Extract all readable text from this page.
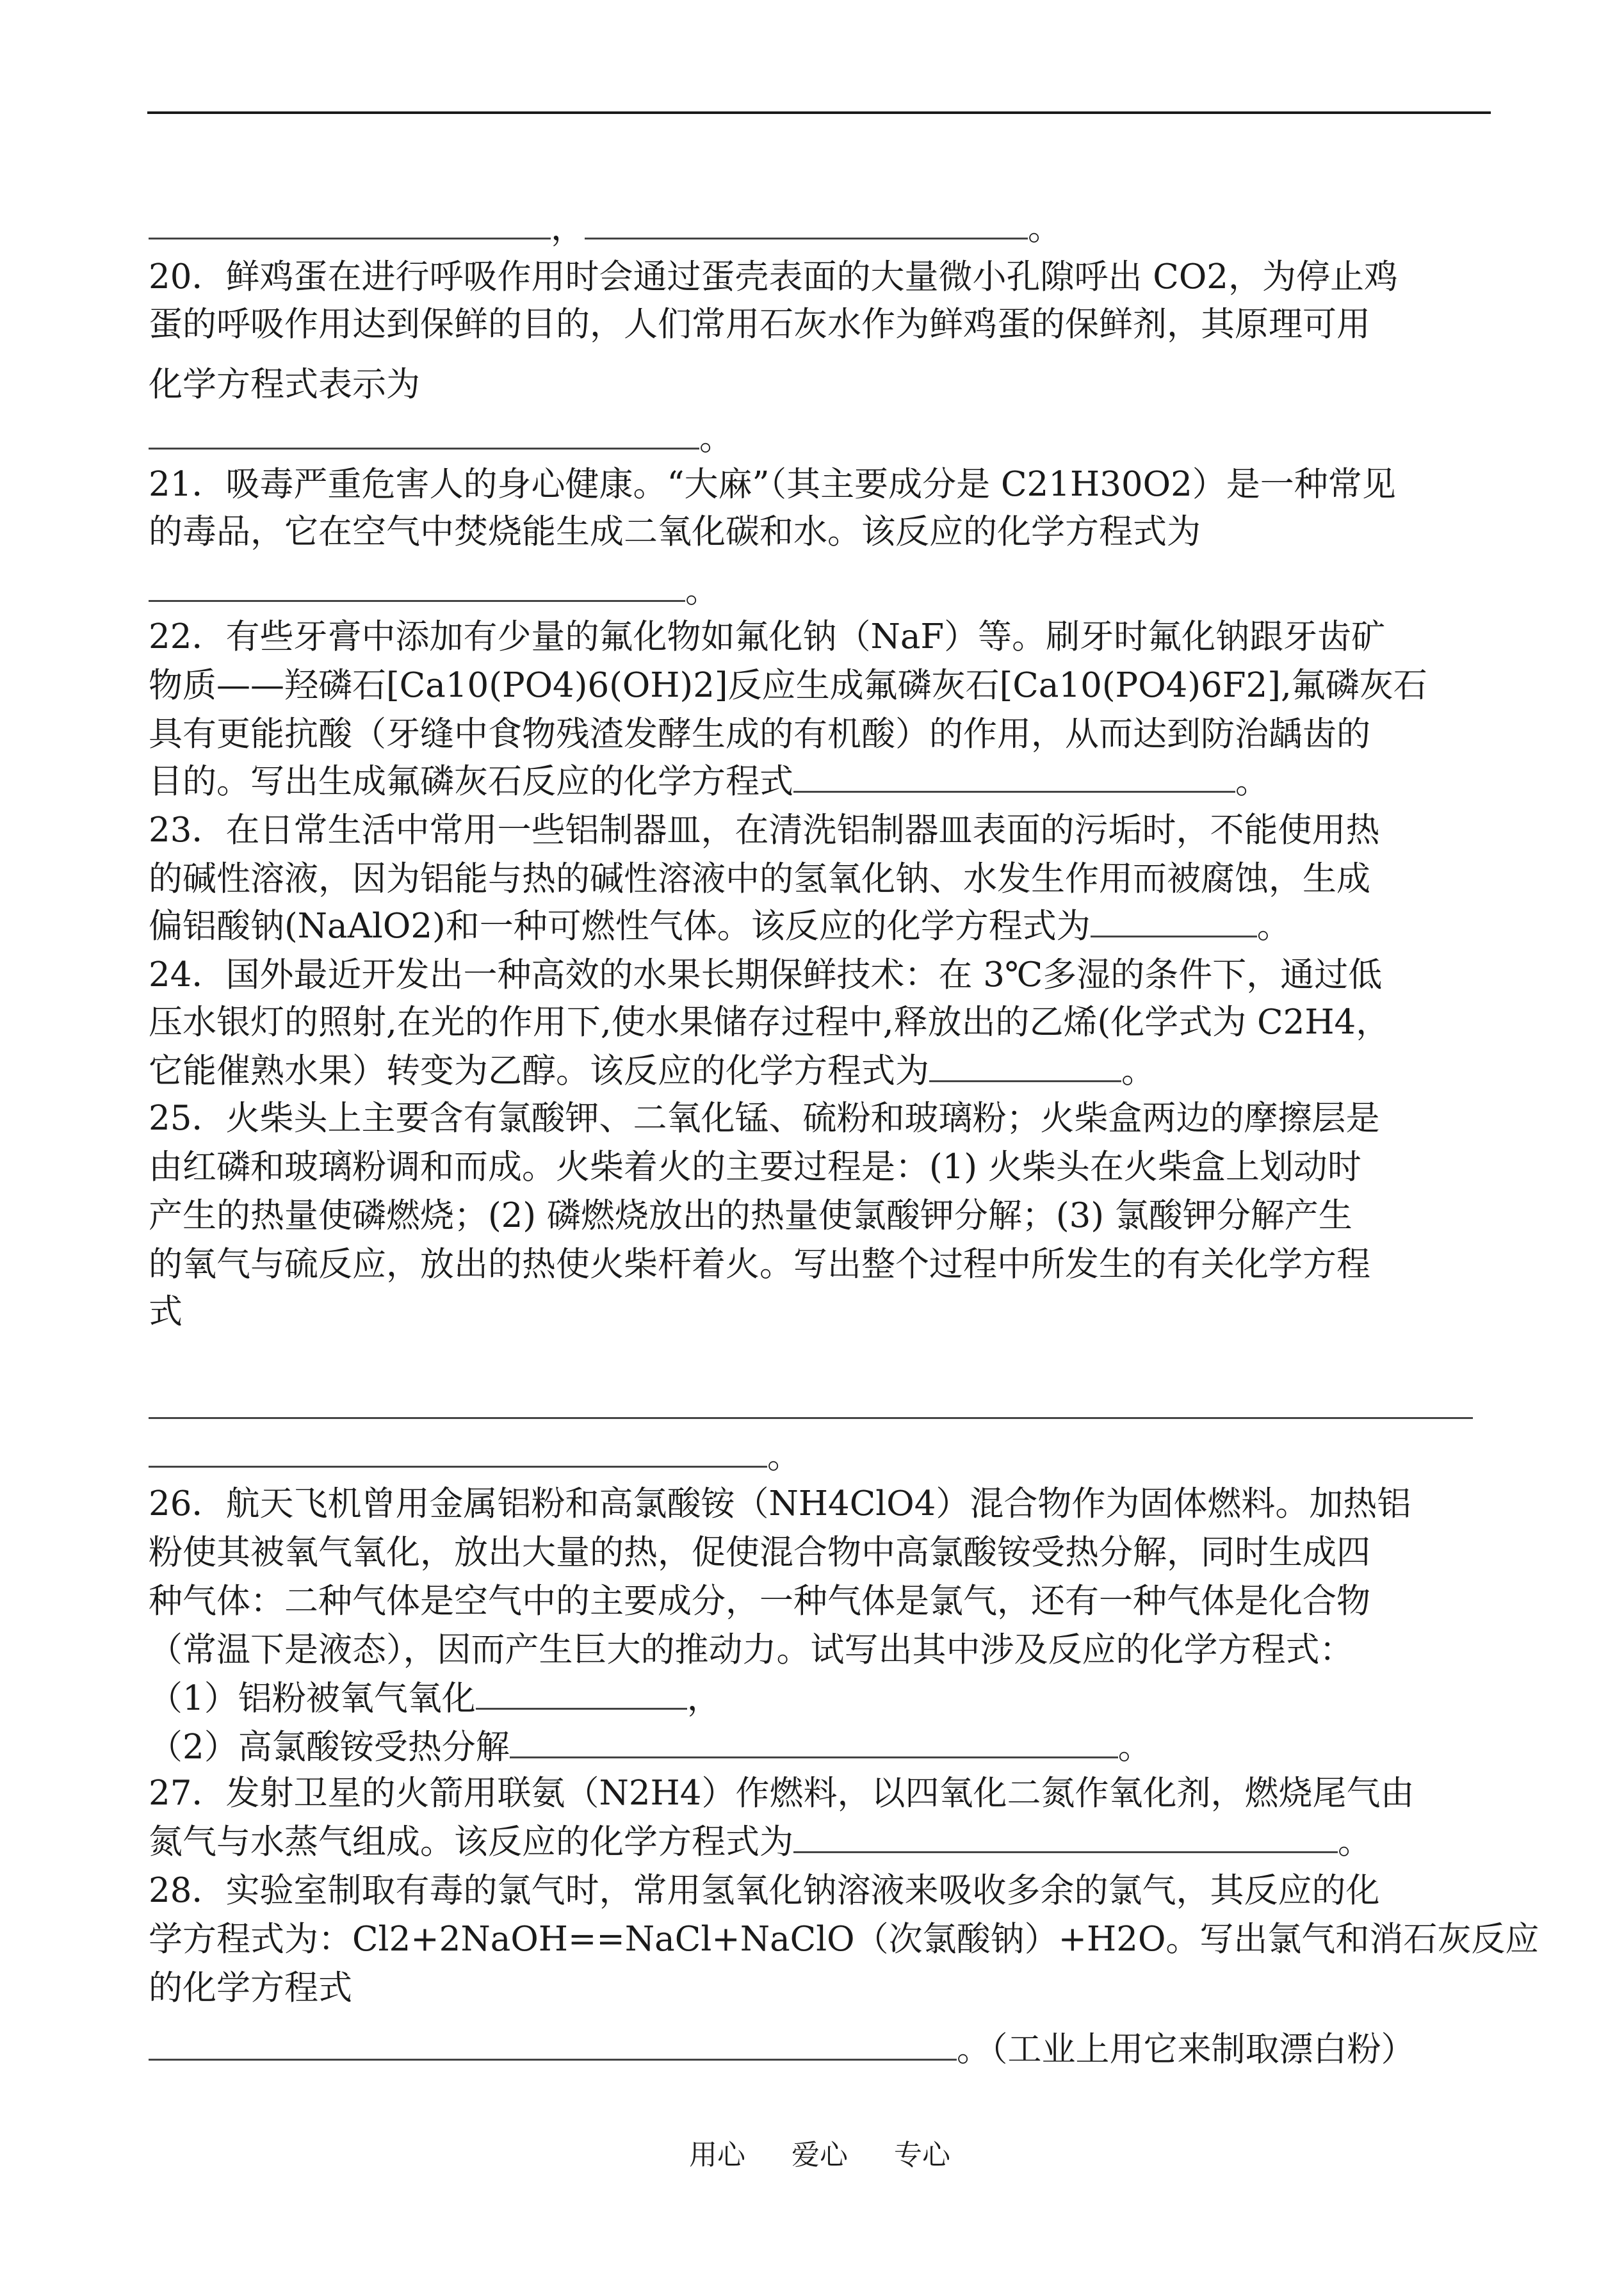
，	。
20．鲜鸡蛋在进行呼吸作用时会通过蛋壳表面的大量微小孔隙呼出 CO2，为停止鸡
蛋的呼吸作用达到保鲜的目的，人们常用石灰水作为鲜鸡蛋的保鲜剂，其原理可用
化学方程式表示为
。
21．吸毒严重危害人的身心健康。“大麻”（其主要成分是 C21H30O2）是一种常见
的毒品，它在空气中焚烧能生成二氧化碳和水。该反应的化学方程式为
。
22．有些牙膏中添加有少量的氟化物如氟化钠（NaF）等。刷牙时氟化钠跟牙齿矿
物质——羟磷石[Ca10(PO4)6(OH)2]反应生成氟磷灰石[Ca10(PO4)6F2],氟磷灰石
具有更能抗酸（牙缝中食物残渣发酵生成的有机酸）的作用，从而达到防治龋齿的
目的。写出生成氟磷灰石反应的化学方程式	。
23．在日常生活中常用一些铝制器皿，在清洗铝制器皿表面的污垢时，不能使用热
的碱性溶液，因为铝能与热的碱性溶液中的氢氧化钠、水发生作用而被腐蚀，生成
偏铝酸钠(NaAlO2)和一种可燃性气体。该反应的化学方程式为	。
24．国外最近开发出一种高效的水果长期保鲜技术：在 3℃多湿的条件下，通过低
压水银灯的照射,在光的作用下,使水果储存过程中,释放出的乙烯(化学式为 C2H4，
它能催熟水果）转变为乙醇。该反应的化学方程式为	。
25．火柴头上主要含有氯酸钾、二氧化锰、硫粉和玻璃粉；火柴盒两边的摩擦层是
由红磷和玻璃粉调和而成。火柴着火的主要过程是：(1) 火柴头在火柴盒上划动时
产生的热量使磷燃烧；(2) 磷燃烧放出的热量使氯酸钾分解；(3) 氯酸钾分解产生
的氧气与硫反应，放出的热使火柴杆着火。写出整个过程中所发生的有关化学方程
式
。
26．航天飞机曾用金属铝粉和高氯酸铵（NH4ClO4）混合物作为固体燃料。加热铝
粉使其被氧气氧化，放出大量的热，促使混合物中高氯酸铵受热分解，同时生成四
种气体：二种气体是空气中的主要成分，一种气体是氯气，还有一种气体是化合物
（常温下是液态），因而产生巨大的推动力。试写出其中涉及反应的化学方程式：
（1）铝粉被氧气氧化	，
（2）高氯酸铵受热分解	。
27．发射卫星的火箭用联氨（N2H4）作燃料，以四氧化二氮作氧化剂，燃烧尾气由
氮气与水蒸气组成。该反应的化学方程式为	。
28．实验室制取有毒的氯气时，常用氢氧化钠溶液来吸收多余的氯气，其反应的化
学方程式为：Cl2+2NaOH==NaCl+NaClO（次氯酸钠）+H2O。写出氯气和消石灰反应
的化学方程式
。（工业上用它来制取漂白粉）
用心 爱心 专心
